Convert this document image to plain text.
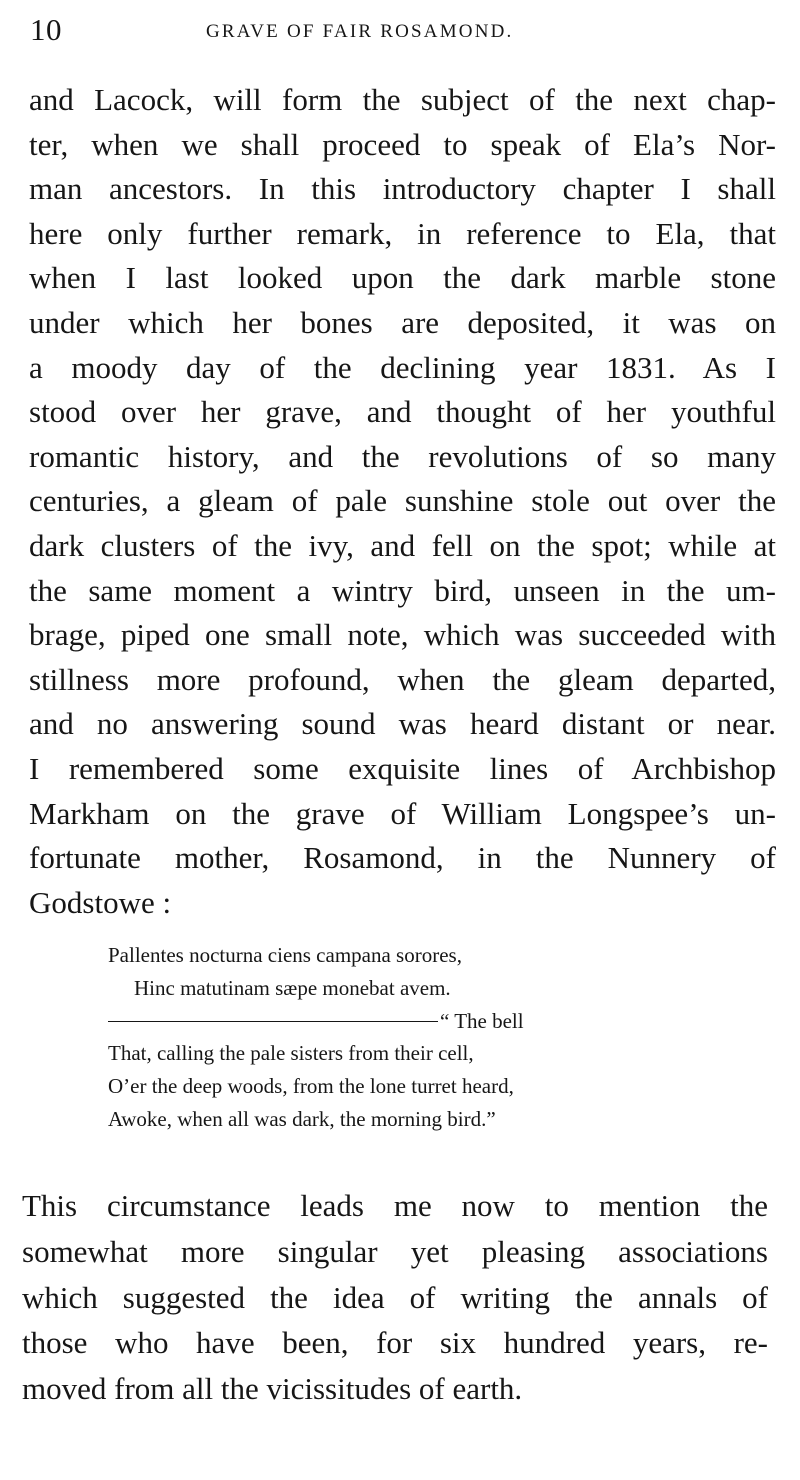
10	GRAVE OF FAIR ROSAMOND.
and Lacock, will form the subject of the next chap-
ter, when we shall proceed to speak of Ela’s Nor-
man ancestors. In this introductory chapter I shall
here only further remark, in reference to Ela, that
when I last looked upon the dark marble stone
under which her bones are deposited, it was on
a moody day of the declining year 1831. As I
stood over her grave, and thought of her youthful
romantic history, and the revolutions of so many
centuries, a gleam of pale sunshine stole out over the
dark clusters of the ivy, and fell on the spot; while at
the same moment a wintry bird, unseen in the um-
brage, piped one small note, which was succeeded with
stillness more profound, when the gleam departed,
and no answering sound was heard distant or near.
I remembered some exquisite lines of Archbishop
Markham on the grave of William Longspee’s un-
fortunate mother, Rosamond, in the Nunnery of
Godstowe :
Pallentes nocturna ciens campana sorores,
Hinc matutinam sæpe monebat avem.
“ The bell
That, calling the pale sisters from their cell,
O’er the deep woods, from the lone turret heard,
Awoke, when all was dark, the morning bird.”
This circumstance leads me now to mention the
somewhat more singular yet pleasing associations
which suggested the idea of writing the annals of
those who have been, for six hundred years, re-
moved from all the vicissitudes of earth.
